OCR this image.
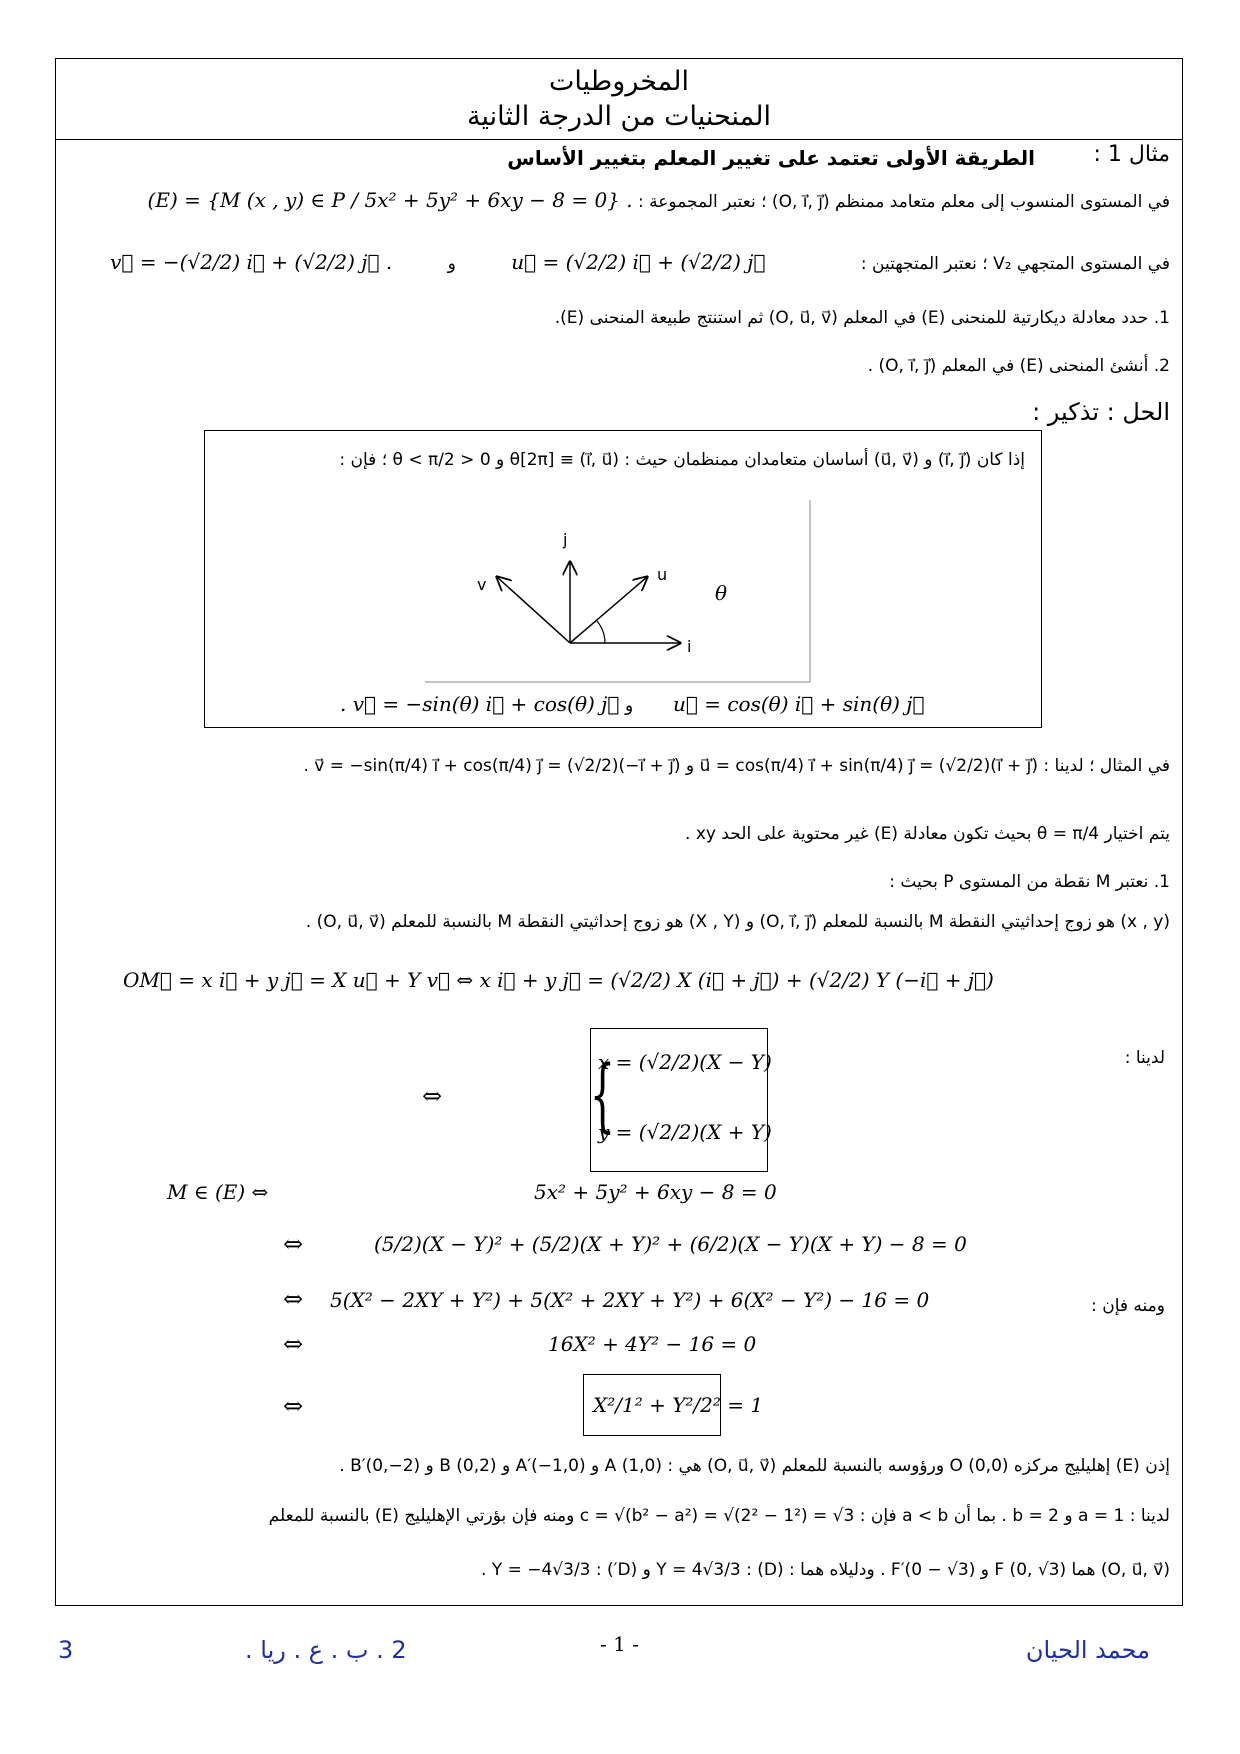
المخروطيات
المنحنيات من الدرجة الثانية
مثال 1 :
الطريقة الأولى تعتمد على تغيير المعلم بتغيير الأساس
في المستوى المنسوب إلى معلم متعامد ممنظم (O, i⃗, j⃗) ؛ نعتبر المجموعة : (E) = {M (x , y) ∈ P / 5x² + 5y² + 6xy − 8 = 0} .
في المستوى المتجهي V₂ ؛ نعتبر المتجهتين : u⃗ = (√2/2) i⃗ + (√2/2) j⃗ و v⃗ = −(√2/2) i⃗ + (√2/2) j⃗ .
1. حدد معادلة ديكارتية للمنحنى (E) في المعلم (O, u⃗, v⃗) ثم استنتج طبيعة المنحنى (E).
2. أنشئ المنحنى (E) في المعلم (O, i⃗, j⃗) .
الحل : تذكير :
إذا كان (i⃗, j⃗) و (u⃗, v⃗) أساسان متعامدان ممنظمان حيث : (i⃗, u⃗) ≡ θ[2π] و 0 < θ < π/2 ؛ فإن :
j
v
u
i
θ
. v⃗ = −sin(θ) i⃗ + cos(θ) j⃗ و u⃗ = cos(θ) i⃗ + sin(θ) j⃗
في المثال ؛ لدينا : u⃗ = cos(π/4) i⃗ + sin(π/4) j⃗ = (√2/2)(i⃗ + j⃗) و v⃗ = −sin(π/4) i⃗ + cos(π/4) j⃗ = (√2/2)(−i⃗ + j⃗) .
يتم اختيار θ = π/4 بحيث تكون معادلة (E) غير محتوية على الحد xy .
1. نعتبر M نقطة من المستوى P بحيث :
(x , y) هو زوج إحداثيتي النقطة M بالنسبة للمعلم (O, i⃗, j⃗) و (X , Y) هو زوج إحداثيتي النقطة M بالنسبة للمعلم (O, u⃗, v⃗) .
OM⃗ = x i⃗ + y j⃗ = X u⃗ + Y v⃗ ⇔ x i⃗ + y j⃗ = (√2/2) X (i⃗ + j⃗) + (√2/2) Y (−i⃗ + j⃗)
لدينا :
⇔ {
x = (√2/2)(X − Y)
y = (√2/2)(X + Y)
M ∈ (E) ⇔	5x² + 5y² + 6xy − 8 = 0
⇔	(5/2)(X − Y)² + (5/2)(X + Y)² + (6/2)(X − Y)(X + Y) − 8 = 0
⇔ 5(X² − 2XY + Y²) + 5(X² + 2XY + Y²) + 6(X² − Y²) − 16 = 0	ومنه فإن :
⇔	16X² + 4Y² − 16 = 0
⇔	X²/1² + Y²/2² = 1
إذن (E) إهليليج مركزه O (0,0) ورؤوسه بالنسبة للمعلم (O, u⃗, v⃗) هي : A (1,0) و A′(−1,0) و B (0,2) و B′(0,−2) .
لدينا : a = 1 و b = 2 . بما أن a < b فإن : c = √(b² − a²) = √(2² − 1²) = √3 ومنه فإن بؤرتي الإهليليج (E) بالنسبة للمعلم
(O, u⃗, v⃗) هما F (0, √3) و F′(0 − √3) . ودليلاه هما : (D) : Y = 4√3/3 و (D′) : Y = −4√3/3 .
3	2 . ب . ع . ريا .	- 1 -	محمد الحيان
